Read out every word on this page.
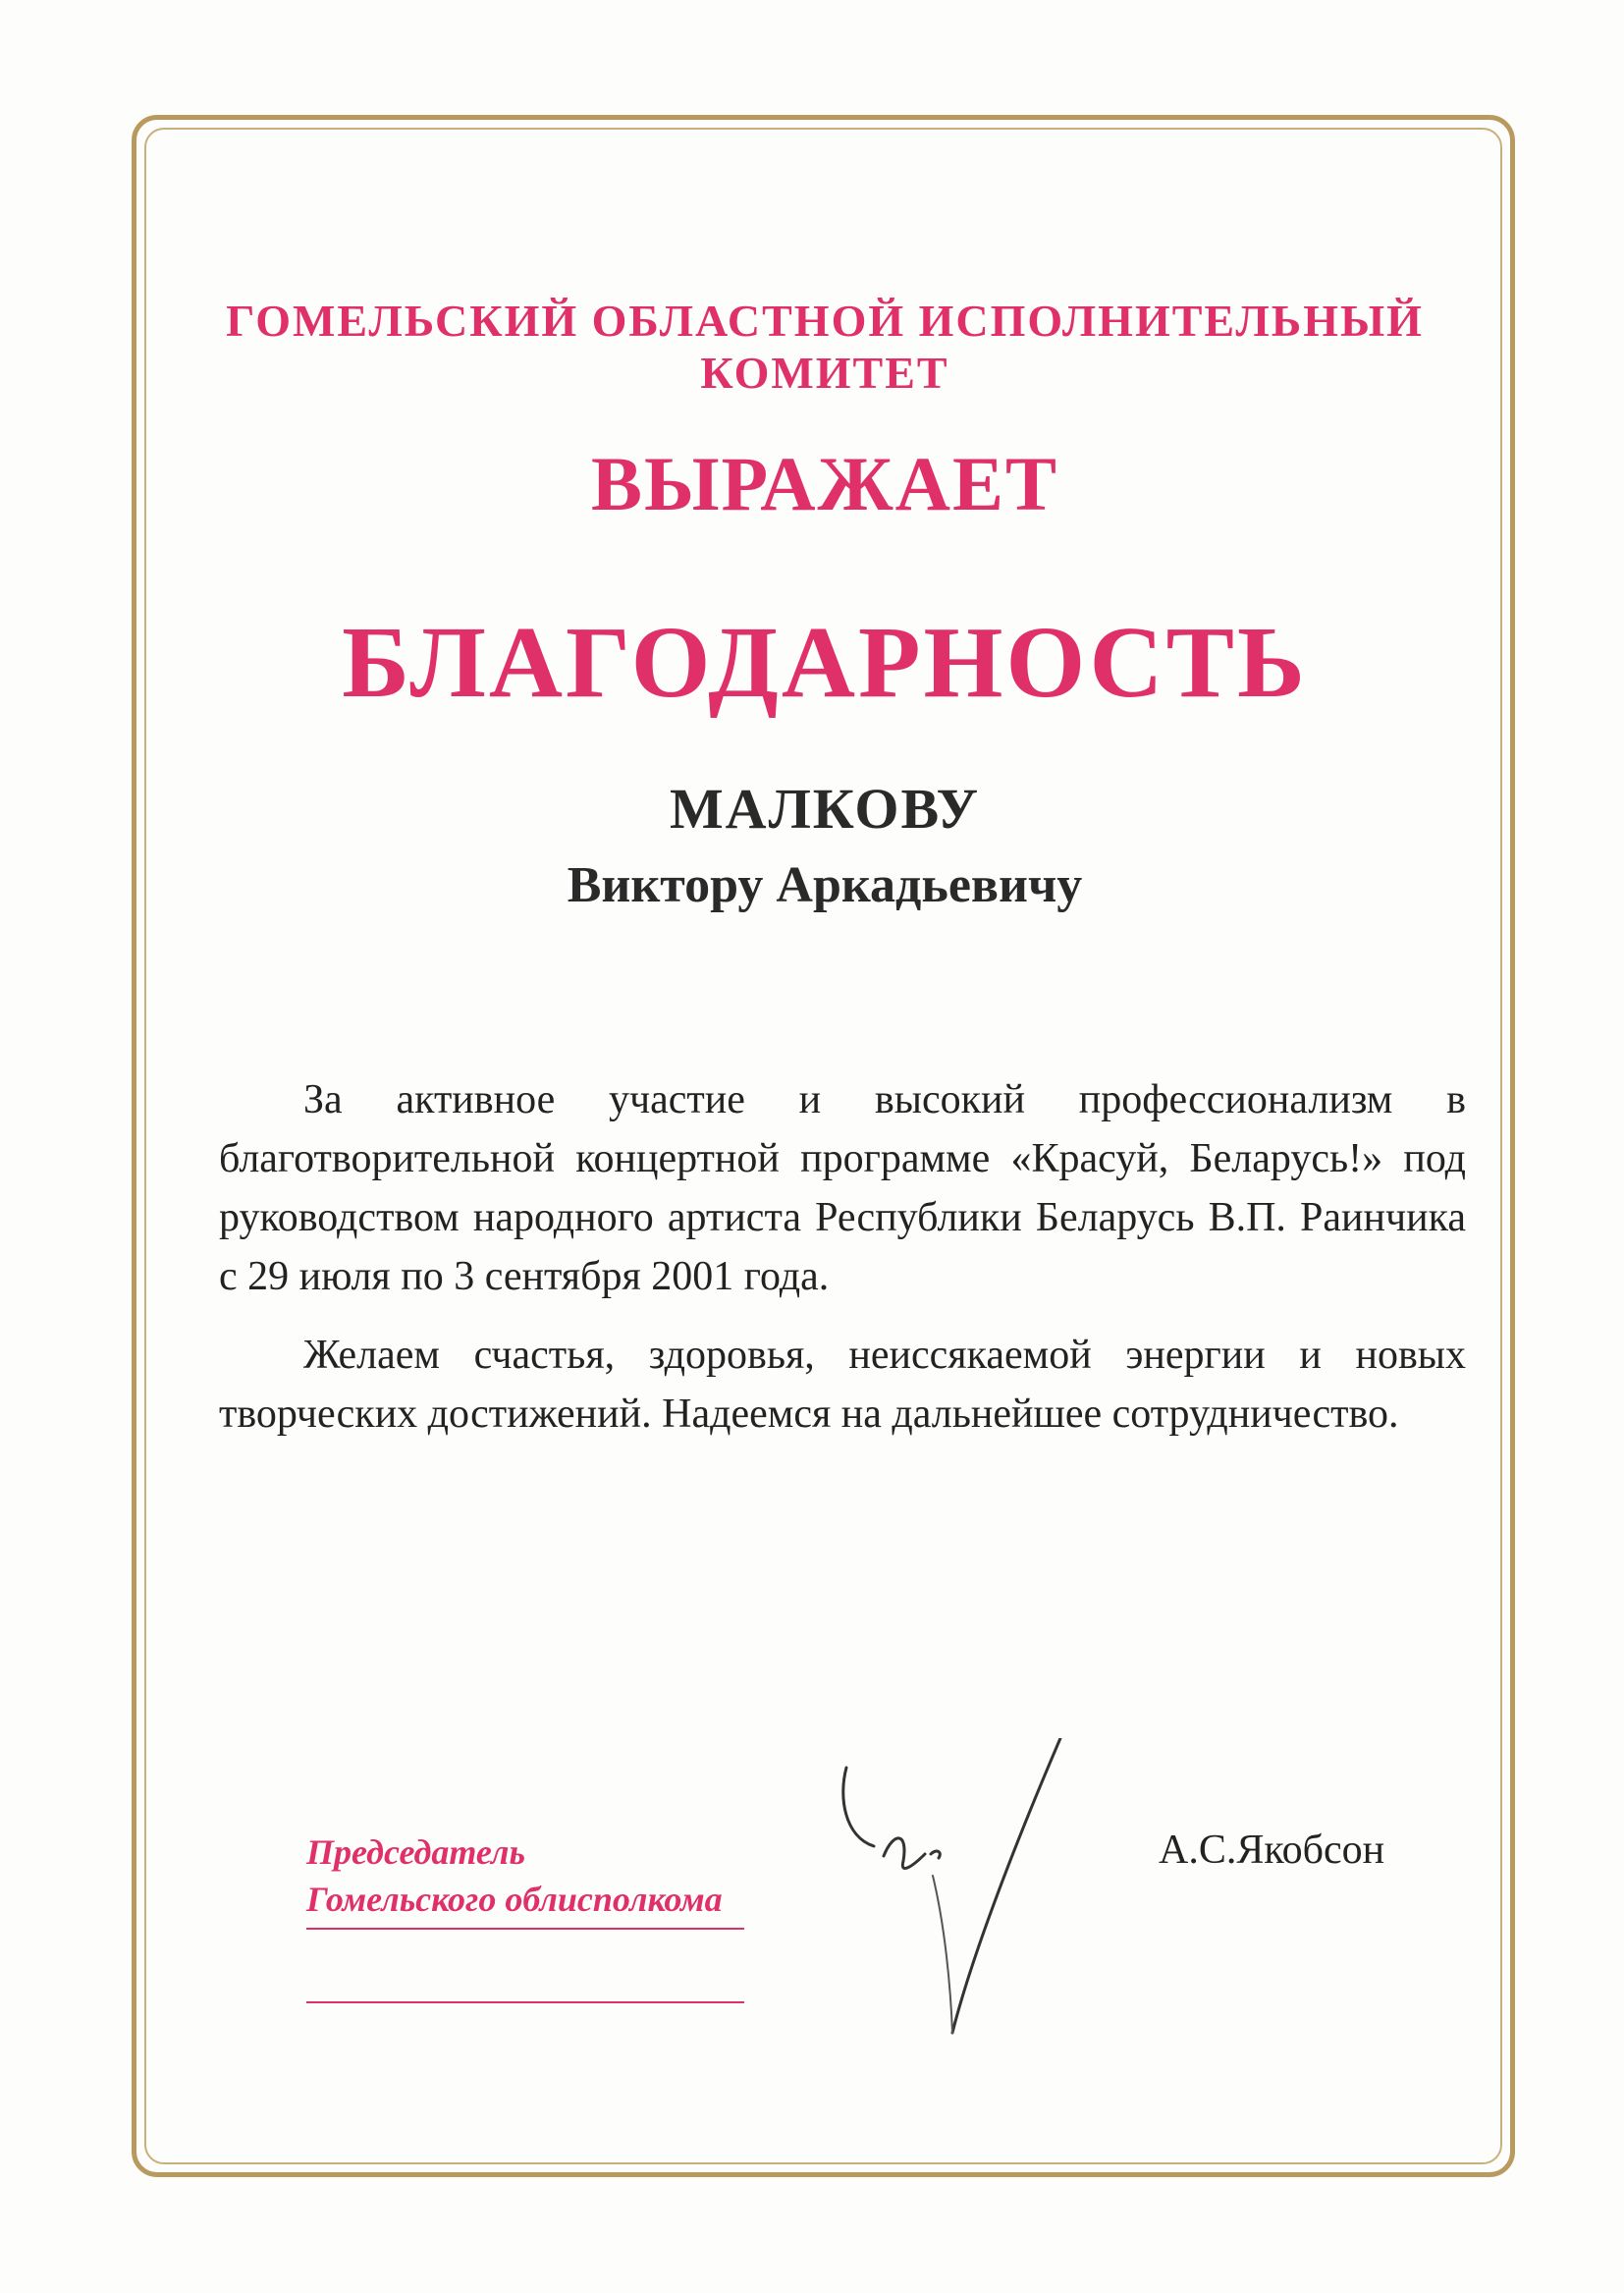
ГОМЕЛЬСКИЙ ОБЛАСТНОЙ ИСПОЛНИТЕЛЬНЫЙ КОМИТЕТ
ВЫРАЖАЕТ
БЛАГОДАРНОСТЬ
МАЛКОВУ
Виктору Аркадьевичу

За активное участие и высокий профессионализм в благотворительной концертной программе «Красуй, Беларусь!» под руководством народного артиста Республики Беларусь В.П. Раинчика с 29 июля по 3 сентября 2001 года.

Желаем счастья, здоровья, неиссякаемой энергии и новых творческих достижений. Надеемся на дальнейшее сотрудничество.

Председатель
Гомельского облисполкома
А.С.Якобсон
